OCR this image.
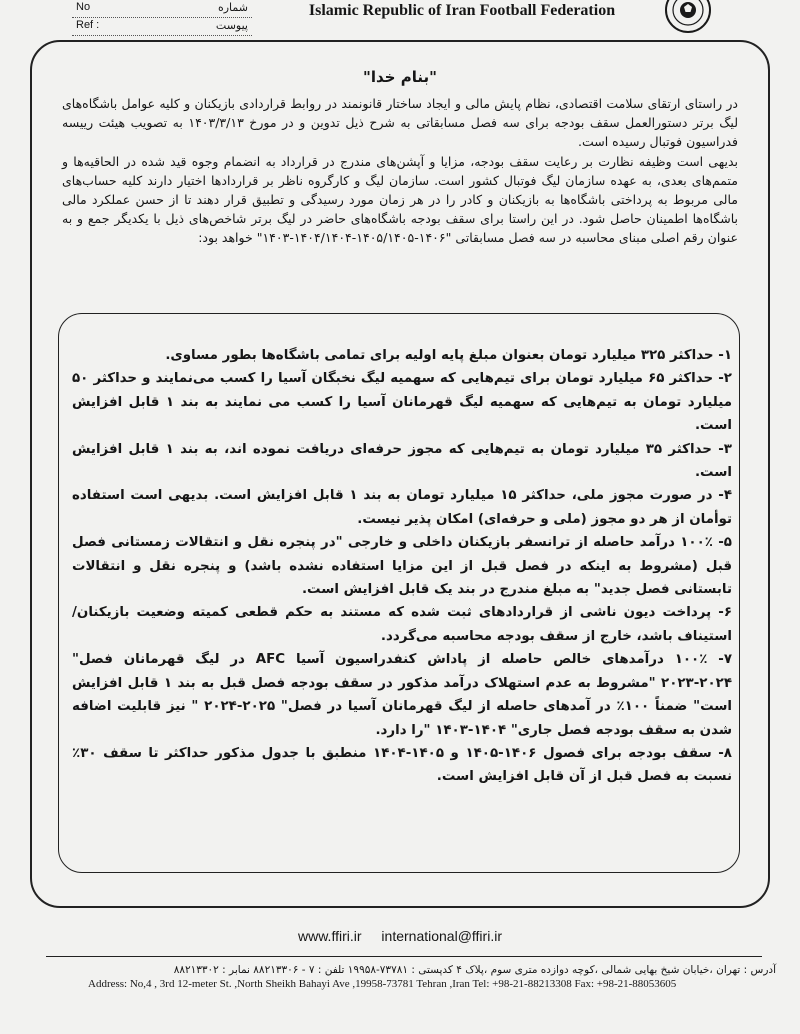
No	شماره
Ref :	پیوست
Islamic Republic of Iran Football Federation
"بنام خدا"

در راستای ارتقای سلامت اقتصادی، نظام پایش مالی و ایجاد ساختار قانونمند در روابط قراردادی بازیکنان و کلیه عوامل باشگاه‌های لیگ برتر دستورالعمل سقف بودجه برای سه فصل مسابقاتی به شرح ذیل تدوین و در مورخ ۱۴۰۳/۳/۱۳ به تصویب هیئت رییسه فدراسیون فوتبال رسیده است.

بدیهی است وظیفه نظارت بر رعایت سقف بودجه، مزایا و آپشن‌های مندرج در قرارداد به انضمام وجوه قید شده در الحاقیه‌ها و متمم‌های بعدی، به عهده سازمان لیگ فوتبال کشور است. سازمان لیگ و کارگروه ناظر بر قراردادها اختیار دارند کلیه حساب‌های مالی مربوط به پرداختی باشگاه‌ها به بازیکنان و کادر را در هر زمان مورد رسیدگی و تطبیق قرار دهند تا از حسن عملکرد مالی باشگاه‌ها اطمینان حاصل شود. در این راستا برای سقف بودجه باشگاه‌های حاضر در لیگ برتر شاخص‌های ذیل با یکدیگر جمع و به عنوان رقم اصلی مبنای محاسبه در سه فصل مسابقاتی "۱۴۰۶-۱۴۰۵/۱۴۰۵-۱۴۰۴/۱۴۰۴-۱۴۰۳" خواهد بود:

۱- حداکثر ۳۲۵ میلیارد تومان بعنوان مبلغ پایه اولیه برای تمامی باشگاه‌ها بطور مساوی.

۲- حداکثر ۶۵ میلیارد تومان برای تیم‌هایی که سهمیه لیگ نخبگان آسیا را کسب می‌نمایند و حداکثر ۵۰ میلیارد تومان به تیم‌هایی که سهمیه لیگ قهرمانان آسیا را کسب می نمایند به بند ۱ قابل افزایش است.

۳- حداکثر ۳۵ میلیارد تومان به تیم‌هایی که مجوز حرفه‌ای دریافت نموده اند، به بند ۱ قابل افزایش است.

۴- در صورت مجوز ملی، حداکثر ۱۵ میلیارد تومان به بند ۱ قابل افزایش است. بدیهی است استفاده توأمان از هر دو مجوز (ملی و حرفه‌ای) امکان پذیر نیست.

۵- ۱۰۰٪ درآمد حاصله از ترانسفر بازیکنان داخلی و خارجی "در پنجره نقل و انتقالات زمستانی فصل قبل (مشروط به اینکه در فصل قبل از این مزایا استفاده نشده باشد) و پنجره نقل و انتقالات تابستانی فصل جدید" به مبلغ مندرج در بند یک قابل افزایش است.

۶- پرداخت دیون ناشی از قراردادهای ثبت شده که مستند به حکم قطعی کمیته وضعیت بازیکنان/ استیناف باشد، خارج از سقف بودجه محاسبه می‌گردد.

۷- ۱۰۰٪ درآمدهای خالص حاصله از پاداش کنفدراسیون آسیا AFC در لیگ قهرمانان فصل" ۲۰۲۴-۲۰۲۳ "مشروط به عدم استهلاک درآمد مذکور در سقف بودجه فصل قبل به بند ۱ قابل افزایش است" ضمناً ۱۰۰٪ در آمدهای حاصله از لیگ قهرمانان آسیا در فصل" ۲۰۲۵-۲۰۲۴ " نیز قابلیت اضافه شدن به سقف بودجه فصل جاری" ۱۴۰۴-۱۴۰۳ "را دارد.

۸- سقف بودجه برای فصول ۱۴۰۶-۱۴۰۵ و ۱۴۰۵-۱۴۰۴ منطبق با جدول مذکور حداکثر تا سقف ۳۰٪ نسبت به فصل قبل از آن قابل افزایش است.

www.ffiri.ir international@ffiri.ir
آدرس : تهران ،خیابان شیخ بهایی شمالی ،کوچه دوازده متری سوم ،پلاک ۴ کدپستی : ۷۳۷۸۱-۱۹۹۵۸ تلفن : ۷ - ۸۸۲۱۳۳۰۶ نمابر : ۸۸۲۱۳۳۰۲
Address: No,4 , 3rd 12-meter St. ,North Sheikh Bahayi Ave ,19958-73781 Tehran ,Iran Tel: +98-21-88213308 Fax: +98-21-88053605
